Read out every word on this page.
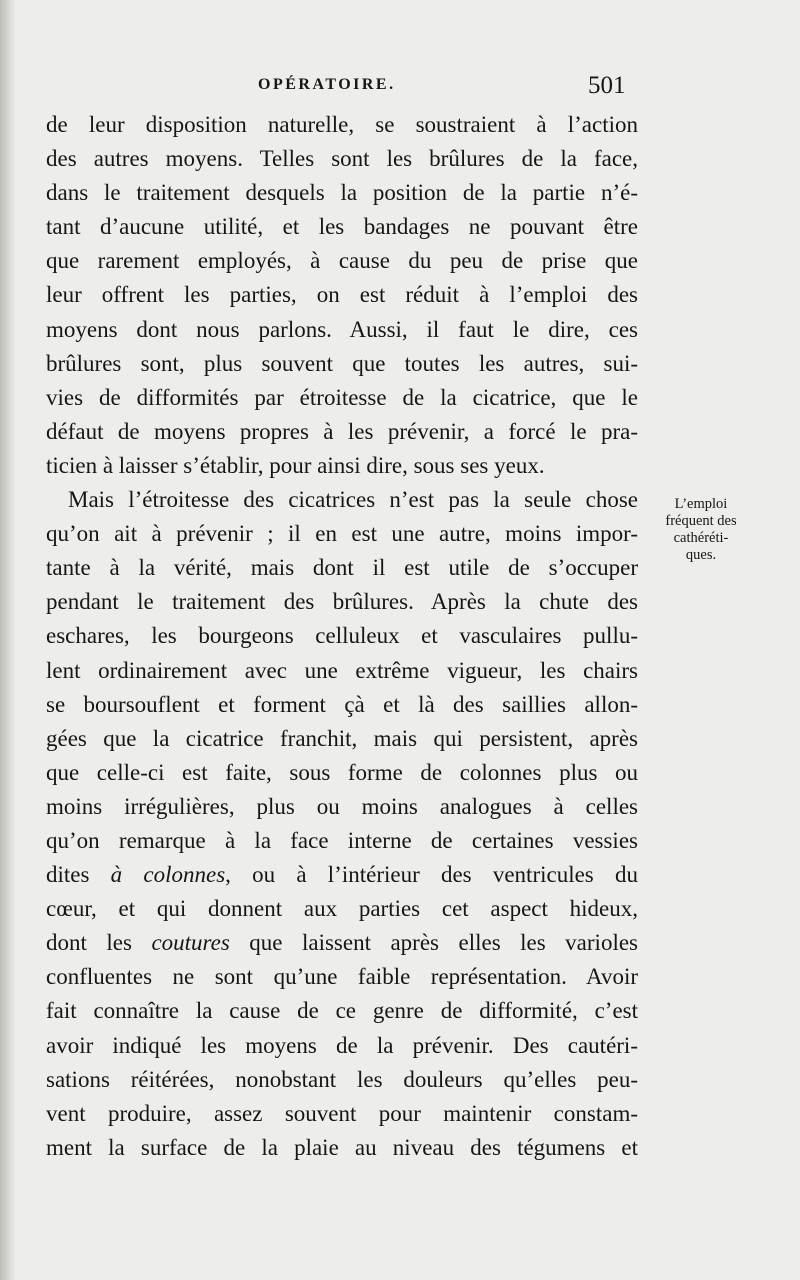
OPÉRATOIRE.	501
de leur disposition naturelle, se soustraient à l’action
des autres moyens. Telles sont les brûlures de la face,
dans le traitement desquels la position de la partie n’é-
tant d’aucune utilité, et les bandages ne pouvant être
que rarement employés, à cause du peu de prise que
leur offrent les parties, on est réduit à l’emploi des
moyens dont nous parlons. Aussi, il faut le dire, ces
brûlures sont, plus souvent que toutes les autres, sui-
vies de difformités par étroitesse de la cicatrice, que le
défaut de moyens propres à les prévenir, a forcé le pra-
ticien à laisser s’établir, pour ainsi dire, sous ses yeux.
Mais l’étroitesse des cicatrices n’est pas la seule chose
qu’on ait à prévenir ; il en est une autre, moins impor-
tante à la vérité, mais dont il est utile de s’occuper
pendant le traitement des brûlures. Après la chute des
eschares, les bourgeons celluleux et vasculaires pullu-
lent ordinairement avec une extrême vigueur, les chairs
se boursouflent et forment çà et là des saillies allon-
gées que la cicatrice franchit, mais qui persistent, après
que celle-ci est faite, sous forme de colonnes plus ou
moins irrégulières, plus ou moins analogues à celles
qu’on remarque à la face interne de certaines vessies
dites à colonnes, ou à l’intérieur des ventricules du
cœur, et qui donnent aux parties cet aspect hideux,
dont les coutures que laissent après elles les varioles
confluentes ne sont qu’une faible représentation. Avoir
fait connaître la cause de ce genre de difformité, c’est
avoir indiqué les moyens de la prévenir. Des cautéri-
sations réitérées, nonobstant les douleurs qu’elles peu-
vent produire, assez souvent pour maintenir constam-
ment la surface de la plaie au niveau des tégumens et
L’emploi
fréquent des
cathéréti-
ques.
